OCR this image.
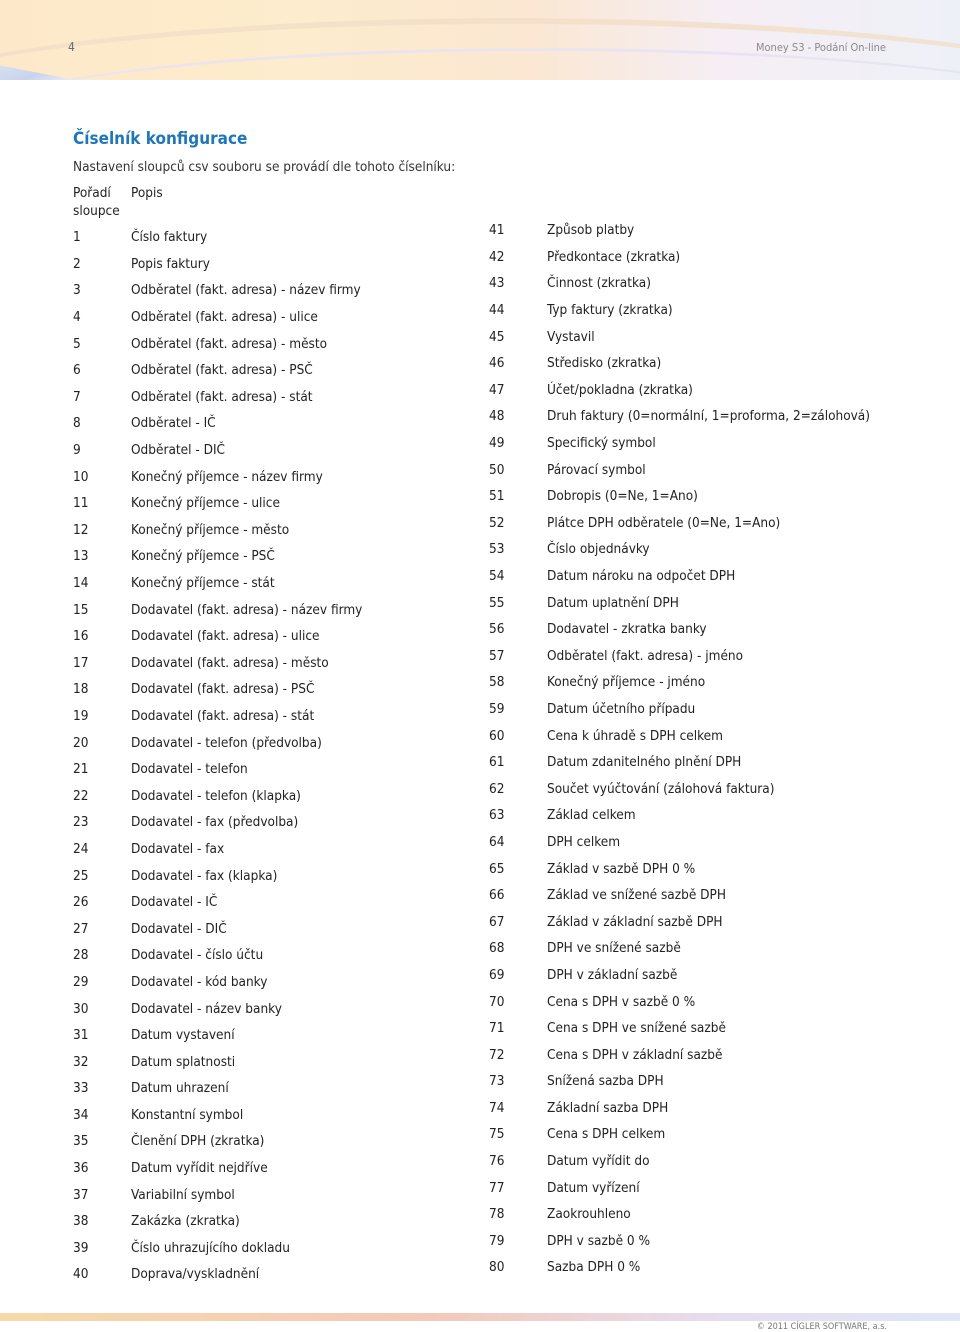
4	Money S3 - Podání On-line
Číselník konfigurace
Nastavení sloupců csv souboru se provádí dle tohoto číselníku:
Pořadí sloupce
Popis
1	Číslo faktury
2	Popis faktury
3	Odběratel (fakt. adresa) - název firmy
4	Odběratel (fakt. adresa) - ulice
5	Odběratel (fakt. adresa) - město
6	Odběratel (fakt. adresa) - PSČ
7	Odběratel (fakt. adresa) - stát
8	Odběratel - IČ
9	Odběratel - DIČ
10	Konečný příjemce - název firmy
11	Konečný příjemce - ulice
12	Konečný příjemce - město
13	Konečný příjemce - PSČ
14	Konečný příjemce - stát
15	Dodavatel (fakt. adresa) - název firmy
16	Dodavatel (fakt. adresa) - ulice
17	Dodavatel (fakt. adresa) - město
18	Dodavatel (fakt. adresa) - PSČ
19	Dodavatel (fakt. adresa) - stát
20	Dodavatel - telefon (předvolba)
21	Dodavatel - telefon
22	Dodavatel - telefon (klapka)
23	Dodavatel - fax (předvolba)
24	Dodavatel - fax
25	Dodavatel - fax (klapka)
26	Dodavatel - IČ
27	Dodavatel - DIČ
28	Dodavatel - číslo účtu
29	Dodavatel - kód banky
30	Dodavatel - název banky
31	Datum vystavení
32	Datum splatnosti
33	Datum uhrazení
34	Konstantní symbol
35	Členění DPH (zkratka)
36	Datum vyřídit nejdříve
37	Variabilní symbol
38	Zakázka (zkratka)
39	Číslo uhrazujícího dokladu
40	Doprava/vyskladnění
41	Způsob platby
42	Předkontace (zkratka)
43	Činnost (zkratka)
44	Typ faktury (zkratka)
45	Vystavil
46	Středisko (zkratka)
47	Účet/pokladna (zkratka)
48	Druh faktury (0=normální, 1=proforma, 2=zálohová)
49	Specifický symbol
50	Párovací symbol
51	Dobropis (0=Ne, 1=Ano)
52	Plátce DPH odběratele (0=Ne, 1=Ano)
53	Číslo objednávky
54	Datum nároku na odpočet DPH
55	Datum uplatnění DPH
56	Dodavatel - zkratka banky
57	Odběratel (fakt. adresa) - jméno
58	Konečný příjemce - jméno
59	Datum účetního případu
60	Cena k úhradě s DPH celkem
61	Datum zdanitelného plnění DPH
62	Součet vyúčtování (zálohová faktura)
63	Základ celkem
64	DPH celkem
65	Základ v sazbě DPH 0 %
66	Základ ve snížené sazbě DPH
67	Základ v základní sazbě DPH
68	DPH ve snížené sazbě
69	DPH v základní sazbě
70	Cena s DPH v sazbě 0 %
71	Cena s DPH ve snížené sazbě
72	Cena s DPH v základní sazbě
73	Snížená sazba DPH
74	Základní sazba DPH
75	Cena s DPH celkem
76	Datum vyřídit do
77	Datum vyřízení
78	Zaokrouhleno
79	DPH v sazbě 0 %
80	Sazba DPH 0 %
© 2011 CÍGLER SOFTWARE, a.s.
